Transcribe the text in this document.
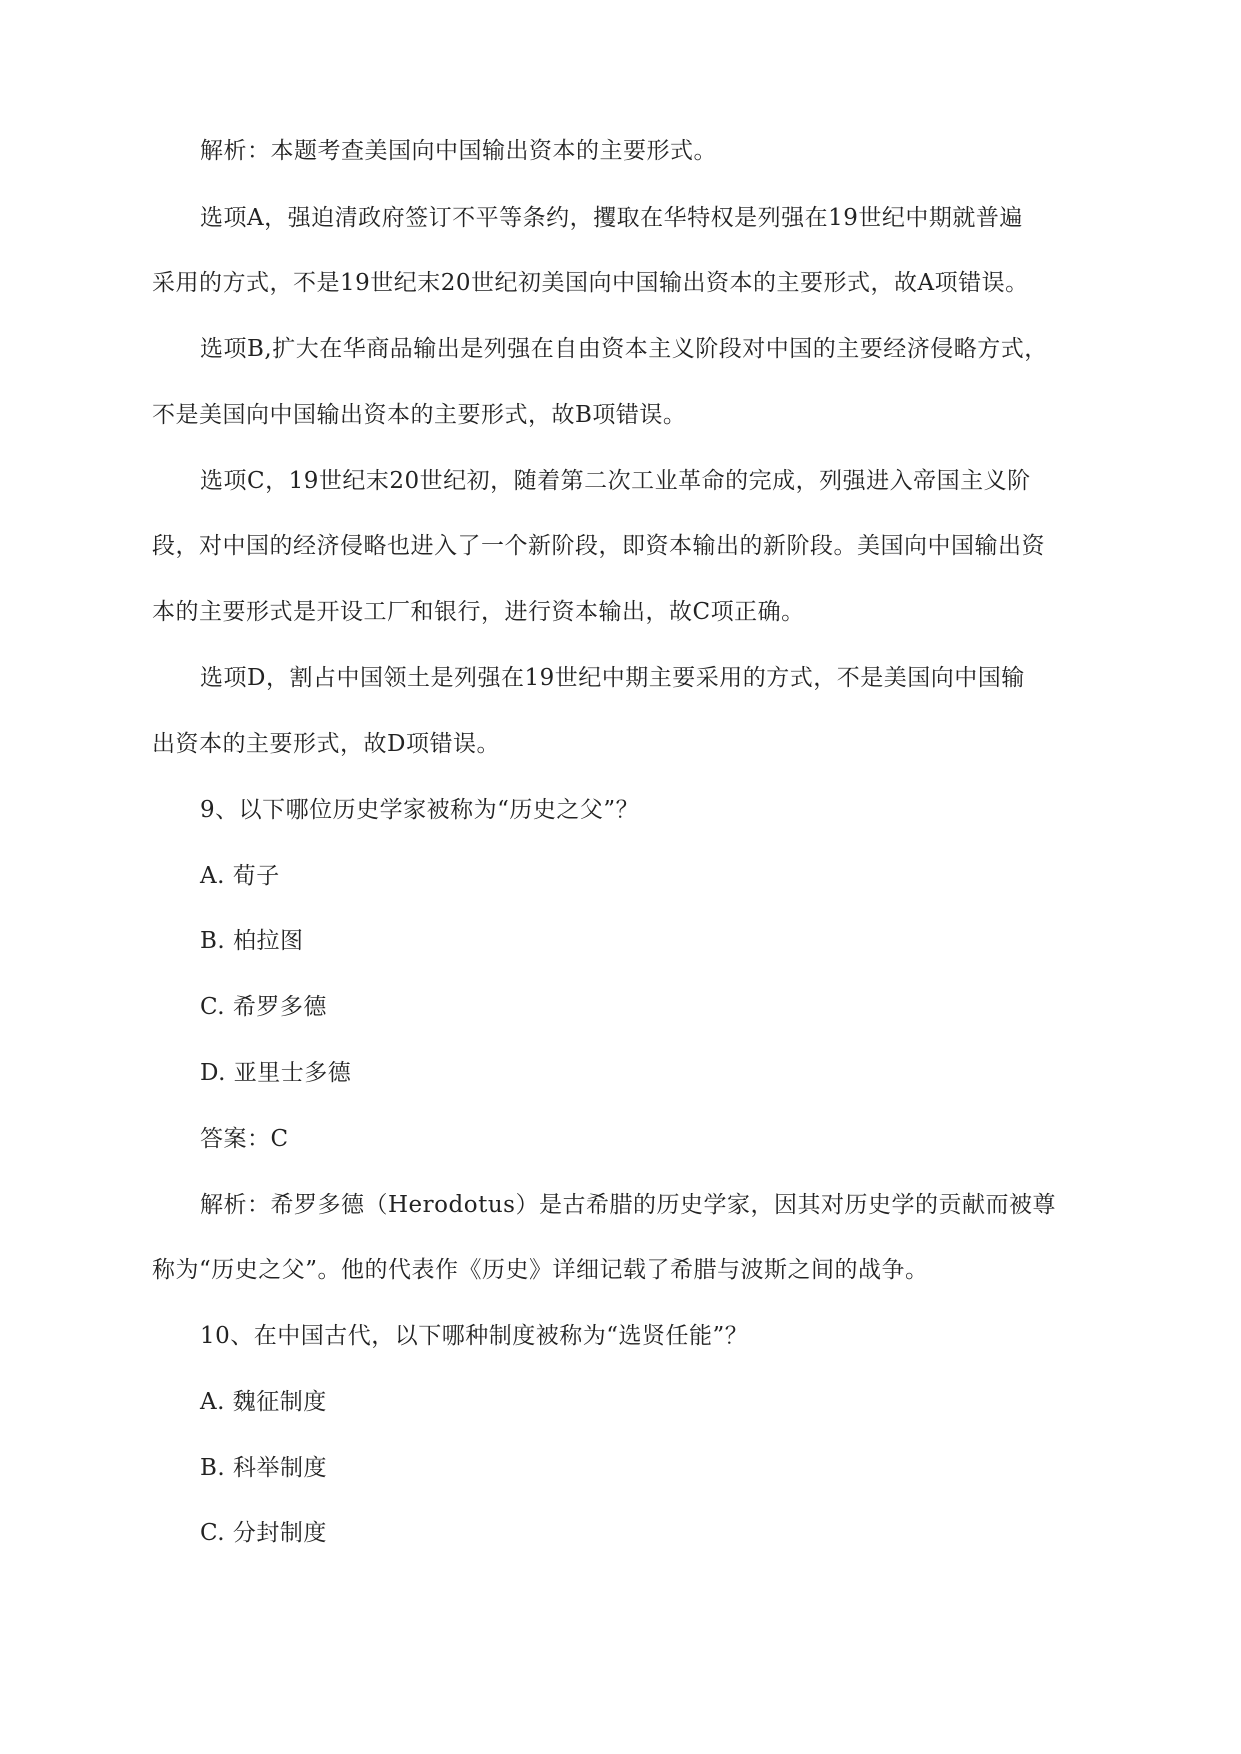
解析：本题考查美国向中国输出资本的主要形式。
选项A，强迫清政府签订不平等条约，攫取在华特权是列强在19世纪中期就普遍
采用的方式，不是19世纪末20世纪初美国向中国输出资本的主要形式，故A项错误。
选项B,扩大在华商品输出是列强在自由资本主义阶段对中国的主要经济侵略方式，
不是美国向中国输出资本的主要形式，故B项错误。
选项C，19世纪末20世纪初，随着第二次工业革命的完成，列强进入帝国主义阶
段，对中国的经济侵略也进入了一个新阶段，即资本输出的新阶段。美国向中国输出资
本的主要形式是开设工厂和银行，进行资本输出，故C项正确。
选项D，割占中国领土是列强在19世纪中期主要采用的方式，不是美国向中国输
出资本的主要形式，故D项错误。
9、以下哪位历史学家被称为“历史之父”？
A. 荀子
B. 柏拉图
C. 希罗多德
D. 亚里士多德
答案：C
解析：希罗多德（Herodotus）是古希腊的历史学家，因其对历史学的贡献而被尊
称为“历史之父”。他的代表作《历史》详细记载了希腊与波斯之间的战争。
10、在中国古代，以下哪种制度被称为“选贤任能”？
A. 魏征制度
B. 科举制度
C. 分封制度
